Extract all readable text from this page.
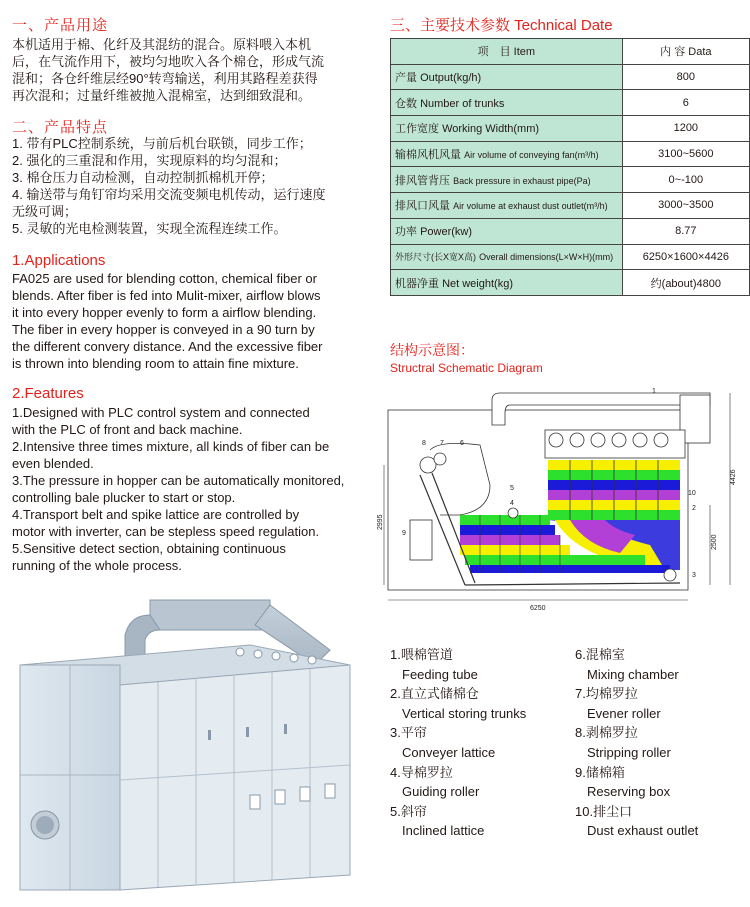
一、产品用途

本机适用于棉、化纤及其混纺的混合。原料喂入本机

后，在气流作用下，被均匀地吹入各个棉仓，形成气流

混和；各仓纤维层经90°转弯输送，利用其路程差获得

再次混和；过量纤维被抛入混棉室，达到细致混和。

二、产品特点

1. 带有PLC控制系统，与前后机台联锁，同步工作；

2. 强化的三重混和作用，实现原料的均匀混和；

3. 棉仓压力自动检测，自动控制抓棉机开停；

4. 输送带与角钉帘均采用交流变频电机传动，运行速度

无级可调；

5. 灵敏的光电检测装置，实现全流程连续工作。

1.Applications

FA025 are used for blending cotton, chemical fiber or

blends. After fiber is fed into Mulit-mixer, airflow blows

it into every hopper evenly to form a airflow blending.

The fiber in every hopper is conveyed in a 90 turn by

the different convery distance. And the excessive fiber

is thrown into blending room to attain fine mixture.

2.Features

1.Designed with PLC control system and connected

with the PLC of front and back machine.

2.Intensive three times mixture, all kinds of fiber can be

even blended.

3.The pressure in hopper can be automatically monitored,

controlling bale plucker to start or stop.

4.Transport belt and spike lattice are controlled by

motor with inverter, can be stepless speed regulation.

5.Sensitive detect section, obtaining continuous

running of the whole process.

三、主要技术参数 Technical Date
项　目 Item	内 容 Data
产量 Output(kg/h)	800
仓数 Number of trunks	6
工作宽度 Working Width(mm)	1200
输棉风机风量 Air volume of conveying fan(m³/h)	3100~5600
排风管背压 Back pressure in exhaust pipe(Pa)	0~-100
排风口风量 Air volume at exhaust dust outlet(m³/h)	3000~3500
功率 Power(kw)	8.77
外形尺寸(长X宽X高) Overall dimensions(L×W×H)(mm)	6250×1600×4426
机器净重 Net weight(kg)	约(about)4800
结构示意图：
Structral Schematic Diagram
1
2
3
4
5
6
7
8
9
10
6250
4426
2500
2995
1.喂棉管道
Feeding tube
2.直立式储棉仓
Vertical storing trunks
3.平帘
Conveyer lattice
4.导棉罗拉
Guiding roller
5.斜帘
Inclined lattice
6.混棉室
Mixing chamber
7.均棉罗拉
Evener roller
8.剥棉罗拉
Stripping roller
9.储棉箱
Reserving box
10.排尘口
Dust exhaust outlet
